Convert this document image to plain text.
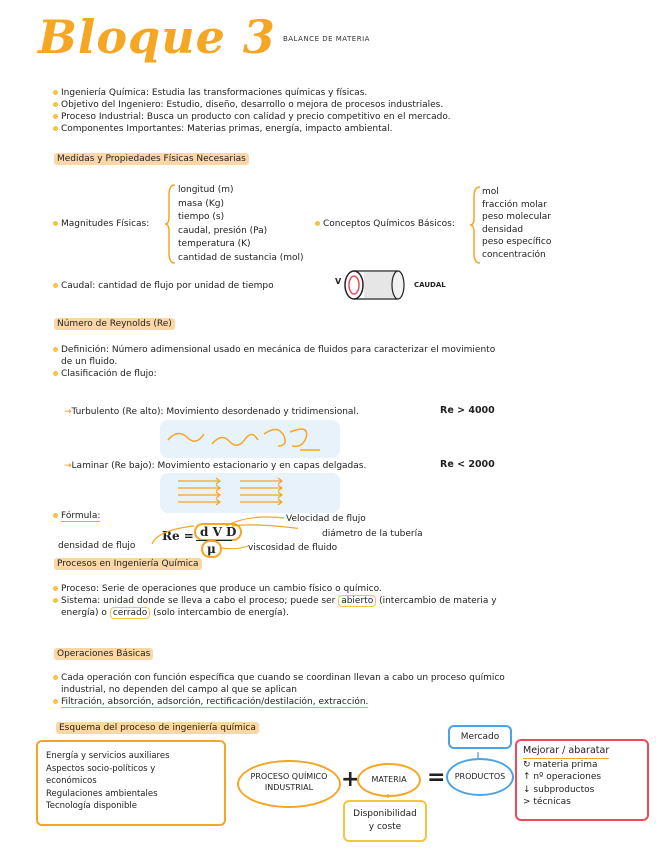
Bloque 3 BALANCE DE MATERIA
Ingeniería Química: Estudia las transformaciones químicas y físicas.
Objetivo del Ingeniero: Estudio, diseño, desarrollo o mejora de procesos industriales.
Proceso Industrial: Busca un producto con calidad y precio competitivo en el mercado.
Componentes Importantes: Materias primas, energía, impacto ambiental.
Medidas y Propiedades Físicas Necesarias
Magnitudes Físicas:
longitud (m)
masa (Kg)
tiempo (s)
caudal, presión (Pa)
temperatura (K)
cantidad de sustancia (mol)
Conceptos Químicos Básicos:
mol
fracción molar
peso molecular
densidad
peso específico
concentración
Caudal: cantidad de flujo por unidad de tiempo	V	CAUDAL
Número de Reynolds (Re)
Definición: Número adimensional usado en mecánica de fluidos para caracterizar el movimiento
de un fluido.
Clasificación de flujo:
→Turbulento (Re alto): Movimiento desordenado y tridimensional.	Re > 4000
→Laminar (Re bajo): Movimiento estacionario y en capas delgadas.	Re < 2000
Fórmula:
Re = d V D
μ
Velocidad de flujo
diámetro de la tubería
viscosidad de fluido
densidad de flujo
Procesos en Ingeniería Química
Proceso: Serie de operaciones que produce un cambio físico o químico.
Sistema: unidad donde se lleva a cabo el proceso; puede ser abierto (intercambio de materia y
energía) o cerrado (solo intercambio de energía).
Operaciones Básicas
Cada operación con función específica que cuando se coordinan llevan a cabo un proceso químico
industrial, no dependen del campo al que se aplican
Filtración, absorción, adsorción, rectificación/destilación, extracción.
Esquema del proceso de ingeniería química
Energía y servicios auxiliares
Aspectos socio-políticos y
económicos
Regulaciones ambientales
Tecnología disponible
PROCESO QUÍMICO
INDUSTRIAL	+	MATERIA =	PRODUCTOS
Mercado
Disponibilidad
y coste
Mejorar / abaratar
↻ materia prima
↑ nº operaciones
↓ subproductos
> técnicas
